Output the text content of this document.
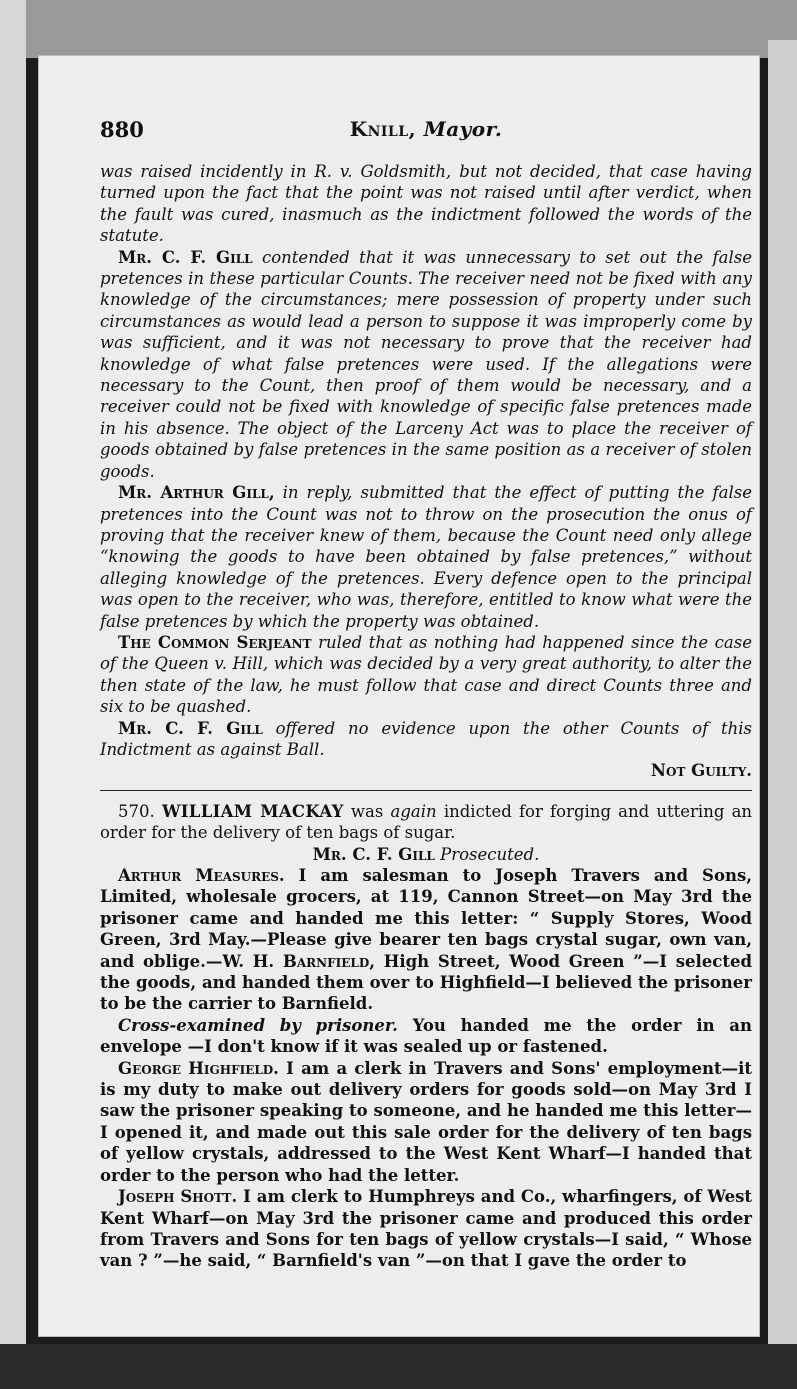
880	Knill, Mayor.

was raised incidently in R. v. Goldsmith, but not decided, that case having turned upon the fact that the point was not raised until after verdict, when the fault was cured, inasmuch as the indictment followed the words of the statute.

Mr. C. F. Gill contended that it was unnecessary to set out the false pretences in these particular Counts. The receiver need not be fixed with any knowledge of the circumstances; mere possession of property under such circumstances as would lead a person to suppose it was improperly come by was sufficient, and it was not necessary to prove that the receiver had knowledge of what false pretences were used. If the allegations were necessary to the Count, then proof of them would be necessary, and a receiver could not be fixed with knowledge of specific false pretences made in his absence. The object of the Larceny Act was to place the receiver of goods obtained by false pretences in the same position as a receiver of stolen goods.

Mr. Arthur Gill, in reply, submitted that the effect of putting the false pretences into the Count was not to throw on the prosecution the onus of proving that the receiver knew of them, because the Count need only allege “knowing the goods to have been obtained by false pretences,” without alleging knowledge of the pretences. Every defence open to the principal was open to the receiver, who was, therefore, entitled to know what were the false pretences by which the property was obtained.

The Common Serjeant ruled that as nothing had happened since the case of the Queen v. Hill, which was decided by a very great authority, to alter the then state of the law, he must follow that case and direct Counts three and six to be quashed.

Mr. C. F. Gill offered no evidence upon the other Counts of this Indictment as against Ball.

Not Guilty.

570. WILLIAM MACKAY was again indicted for forging and uttering an order for the delivery of ten bags of sugar.

Mr. C. F. Gill Prosecuted.

Arthur Measures. I am salesman to Joseph Travers and Sons, Limited, wholesale grocers, at 119, Cannon Street—on May 3rd the prisoner came and handed me this letter: “ Supply Stores, Wood Green, 3rd May.—Please give bearer ten bags crystal sugar, own van, and oblige.—W. H. Barnfield, High Street, Wood Green ”—I selected the goods, and handed them over to Highfield—I believed the prisoner to be the carrier to Barnfield.

Cross-examined by prisoner. You handed me the order in an envelope —I don't know if it was sealed up or fastened.

George Highfield. I am a clerk in Travers and Sons' employment—it is my duty to make out delivery orders for goods sold—on May 3rd I saw the prisoner speaking to someone, and he handed me this letter—I opened it, and made out this sale order for the delivery of ten bags of yellow crystals, addressed to the West Kent Wharf—I handed that order to the person who had the letter.

Joseph Shott. I am clerk to Humphreys and Co., wharfingers, of West Kent Wharf—on May 3rd the prisoner came and produced this order from Travers and Sons for ten bags of yellow crystals—I said, “ Whose van ? ”—he said, “ Barnfield's van ”—on that I gave the order to
